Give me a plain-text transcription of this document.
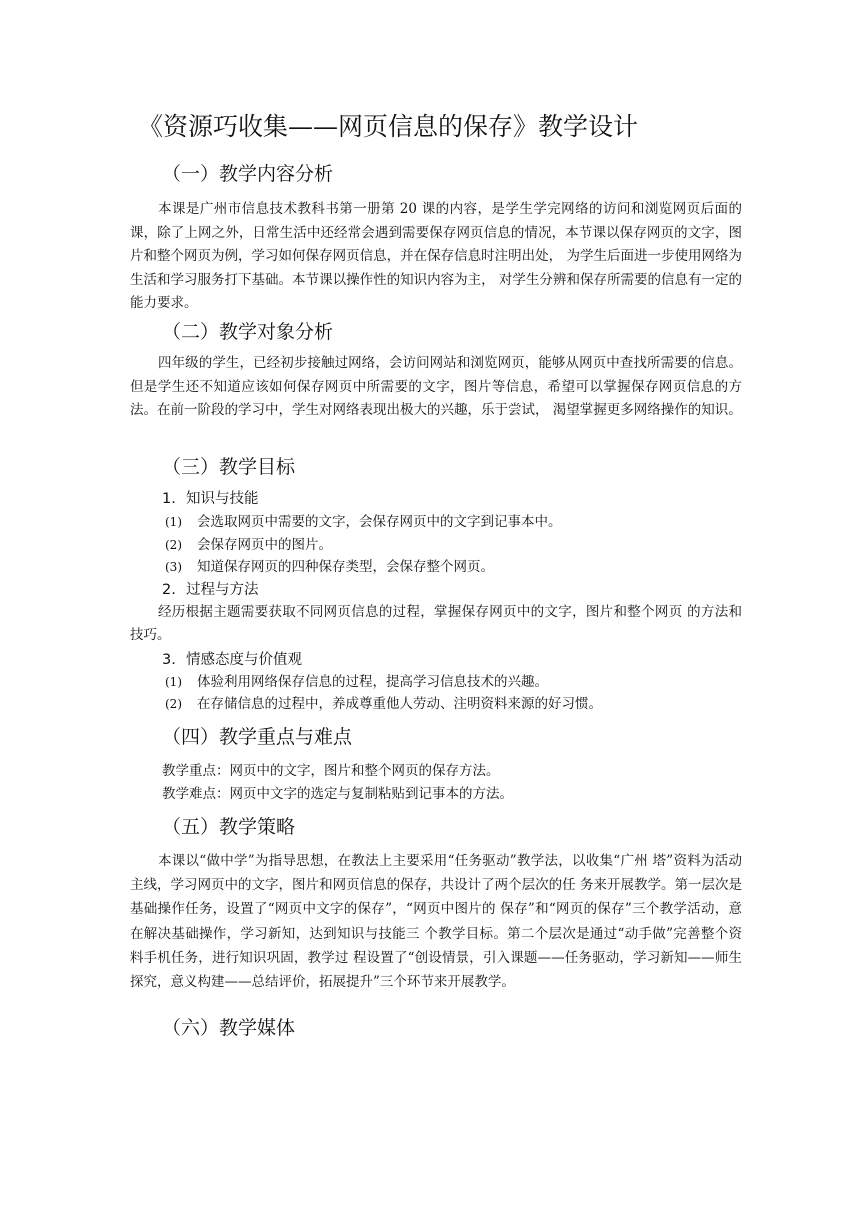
《资源巧收集——网页信息的保存》教学设计
（一）教学内容分析
本课是广州市信息技术教科书第一册第 20 课的内容，是学生学完网络的访问和浏览网页后面的课，除了上网之外，日常生活中还经常会遇到需要保存网页信息的情况，本节课以保存网页的文字，图片和整个网页为例，学习如何保存网页信息，并在保存信息时注明出处， 为学生后面进一步使用网络为生活和学习服务打下基础。本节课以操作性的知识内容为主， 对学生分辨和保存所需要的信息有一定的能力要求。
（二）教学对象分析
四年级的学生，已经初步接触过网络，会访问网站和浏览网页，能够从网页中查找所需要的信息。但是学生还不知道应该如何保存网页中所需要的文字，图片等信息，希望可以掌握保存网页信息的方法。在前一阶段的学习中，学生对网络表现出极大的兴趣，乐于尝试， 渴望掌握更多网络操作的知识。
（三）教学目标
1. 知识与技能
(1) 会选取网页中需要的文字，会保存网页中的文字到记事本中。
(2) 会保存网页中的图片。
(3) 知道保存网页的四种保存类型，会保存整个网页。
2. 过程与方法
经历根据主题需要获取不同网页信息的过程，掌握保存网页中的文字，图片和整个网页 的方法和技巧。
3. 情感态度与价值观
(1) 体验利用网络保存信息的过程，提高学习信息技术的兴趣。
(2) 在存储信息的过程中，养成尊重他人劳动、注明资料来源的好习惯。
（四）教学重点与难点
教学重点：网页中的文字，图片和整个网页的保存方法。
教学难点：网页中文字的选定与复制粘贴到记事本的方法。
（五）教学策略
本课以“做中学”为指导思想，在教法上主要采用“任务驱动”教学法，以收集“广州 塔”资料为活动主线，学习网页中的文字，图片和网页信息的保存，共设计了两个层次的任 务来开展教学。第一层次是基础操作任务，设置了“网页中文字的保存”，“网页中图片的 保存”和“网页的保存”三个教学活动，意在解决基础操作，学习新知，达到知识与技能三 个教学目标。第二个层次是通过“动手做”完善整个资料手机任务，进行知识巩固，教学过 程设置了“创设情景，引入课题——任务驱动，学习新知——师生探究，意义构建——总结评价，拓展提升”三个环节来开展教学。
（六）教学媒体
